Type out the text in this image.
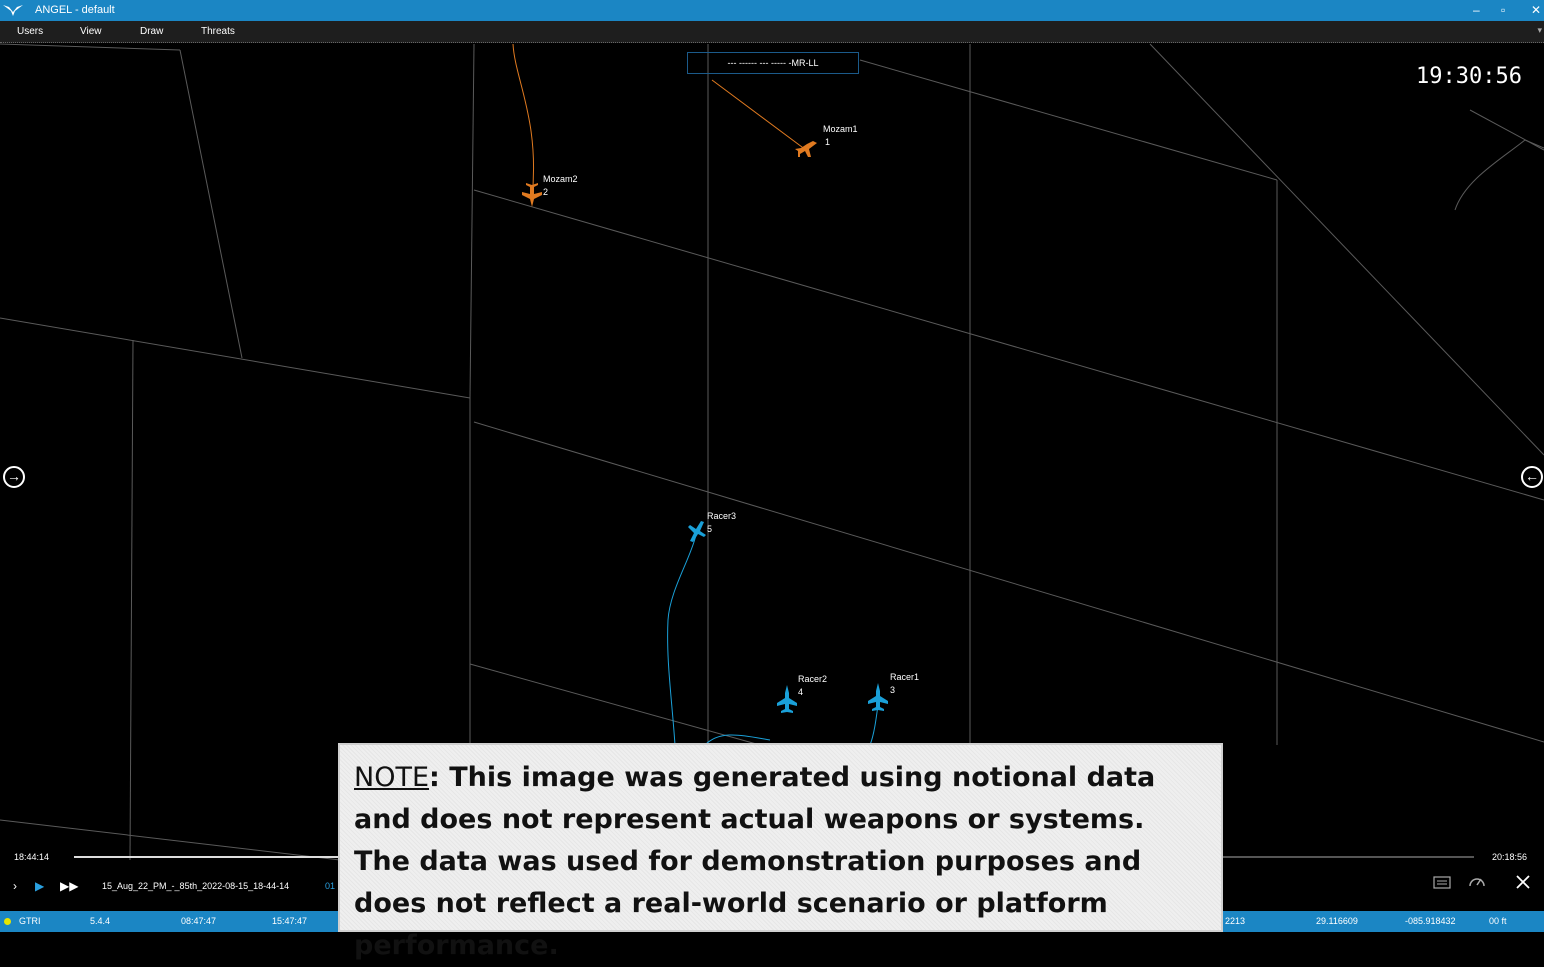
ANGEL - default	– ▫ ✕
Users	View	Draw	Threats	▾
Mozam1
1
Mozam2
2
Racer3
5
Racer2
4
Racer1
3
--- ------ --- ----- -MR-LL
19:30:56
→	←
18:44:14	20:18:56
› ▶ ▶▶	15_Aug_22_PM_-_85th_2022-08-15_18-44-14	01
GTRI	5.4.4	08:47:47	15:47:47	2213	29.116609	-085.918432	00 ft
NOTE: This image was generated using notional data and does not represent actual weapons or systems. The data was used for demonstration purposes and does not reflect a real-world scenario or platform performance.
